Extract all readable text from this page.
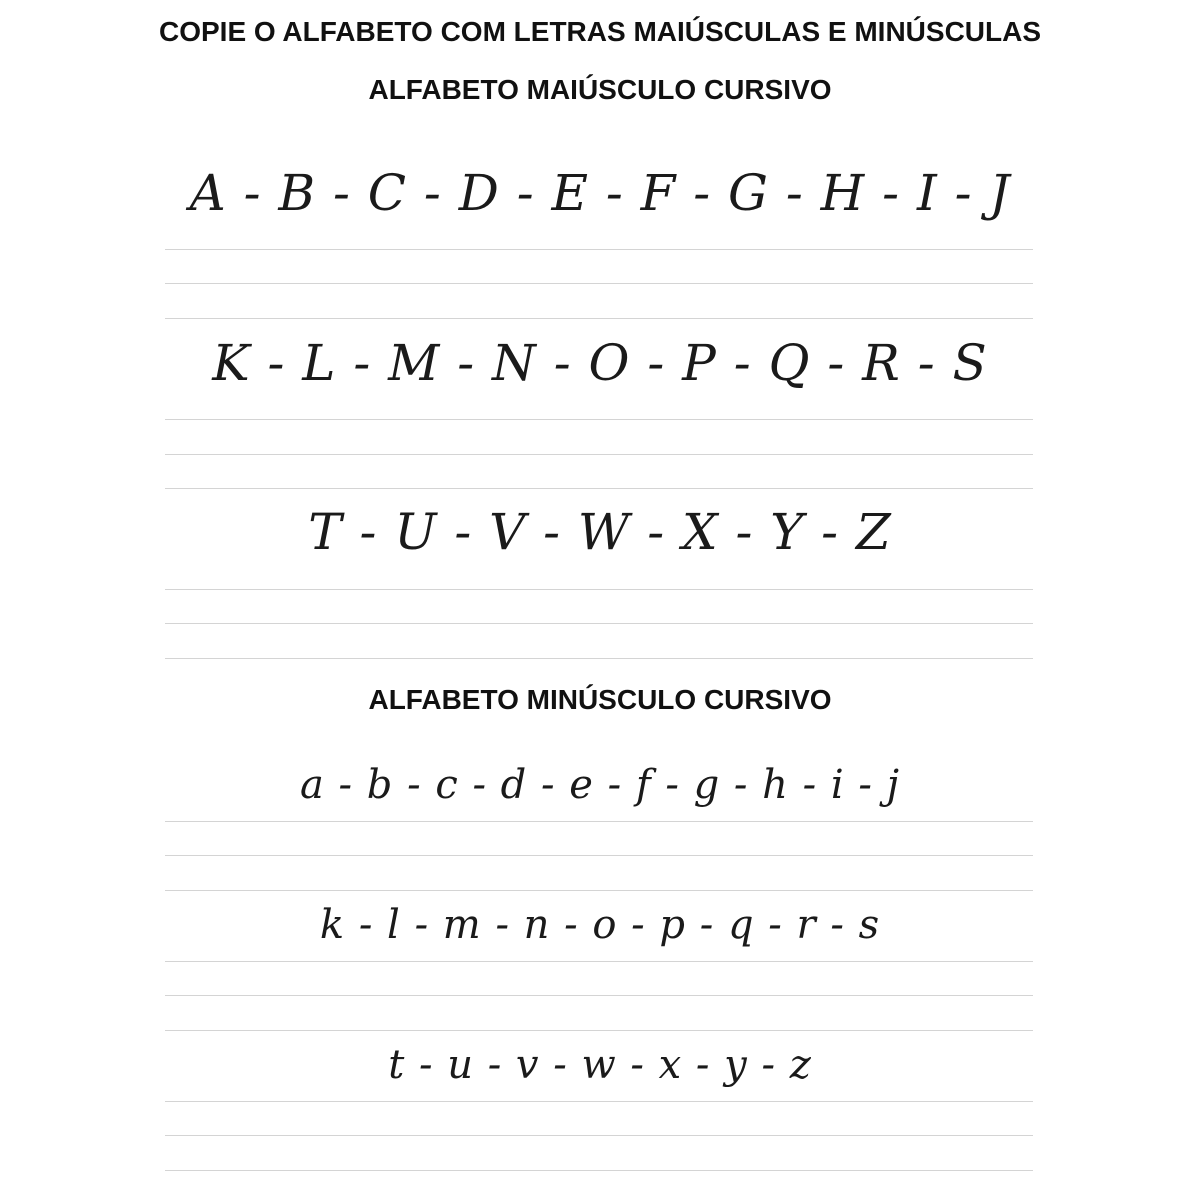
COPIE O ALFABETO COM LETRAS MAIÚSCULAS E MINÚSCULAS
ALFABETO MAIÚSCULO CURSIVO
A - B - C - D - E - F - G - H - I - J
K - L - M - N - O - P - Q - R - S
T - U - V - W - X - Y - Z
ALFABETO MINÚSCULO CURSIVO
a - b - c - d - e - f - g - h - i - j
k - l - m - n - o - p - q - r - s
t - u - v - w - x - y - z
